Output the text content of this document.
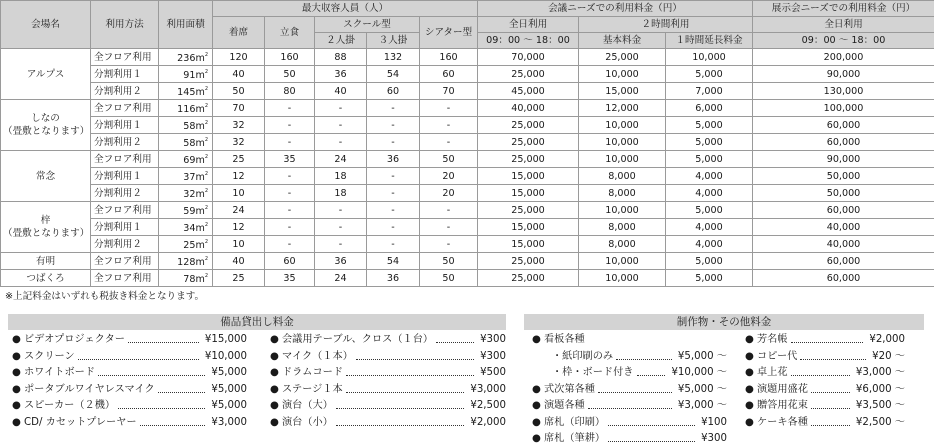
会場名	利用方法	利用面積	最大収容人員（人）					会議ニーズでの利用料金（円）			展示会ニーズでの利用料金（円）
			着席	立食	スクール型		シアター型	全日利用	２時間利用		全日利用
					２人掛	３人掛		09：00 〜 18：00	基本料金	１時間延長料金	09：00 〜 18：00
アルプス	全フロア利用	$236m^2$	120	160	88	132	160	70,000	25,000	10,000	200,000
	分割利用１	$91m^2$	40	50	36	54	60	25,000	10,000	5,000	90,000
	分割利用２	$145m^2$	50	80	40	60	70	45,000	15,000	7,000	130,000
しなの
（畳敷となります）	全フロア利用	$116m^2$	70	-	-	-	-	40,000	12,000	6,000	100,000
	分割利用１	$58m^2$	32	-	-	-	-	25,000	10,000	5,000	60,000
	分割利用２	$58m^2$	32	-	-	-	-	25,000	10,000	5,000	60,000
常念	全フロア利用	$69m^2$	25	35	24	36	50	25,000	10,000	5,000	90,000
	分割利用１	$37m^2$	12	-	18	-	20	15,000	8,000	4,000	50,000
	分割利用２	$32m^2$	10	-	18	-	20	15,000	8,000	4,000	50,000
梓
（畳敷となります）	全フロア利用	$59m^2$	24	-	-	-	-	25,000	10,000	5,000	60,000
	分割利用１	$34m^2$	12	-	-	-	-	15,000	8,000	4,000	40,000
	分割利用２	$25m^2$	10	-	-	-	-	15,000	8,000	4,000	40,000
有明	全フロア利用	$128m^2$	40	60	36	54	50	25,000	10,000	5,000	60,000
つばくろ	全フロア利用	$78m^2$	25	35	24	36	50	25,000	10,000	5,000	60,000
※上記料金はいずれも税抜き料金となります。
備品貸出し料金
● ビデオプロジェクター	¥15,000
● スクリーン	¥10,000
● ホワイトボード	¥5,000
● ポータブルワイヤレスマイク	¥5,000
● スピーカー（２機）	¥5,000
● CD/ カセットプレーヤー	¥3,000
● 会議用テーブル、クロス（１台）	¥300
● マイク（１本）	¥300
● ドラムコード	¥500
● ステージ１本	¥3,000
● 演台（大）	¥2,500
● 演台（小）	¥2,000
制作物・その他料金
● 看板各種
・紙印刷のみ	¥5,000 〜
・枠・ボード付き	¥10,000 〜
● 式次第各種	¥5,000 〜
● 演題各種	¥3,000 〜
● 席札（印刷）	¥100
● 席札（筆耕）	¥300
● 芳名帳	¥2,000
● コピー代	¥20 〜
● 卓上花	¥3,000 〜
● 演題用盛花	¥6,000 〜
● 贈答用花束	¥3,500 〜
● ケーキ各種	¥2,500 〜
